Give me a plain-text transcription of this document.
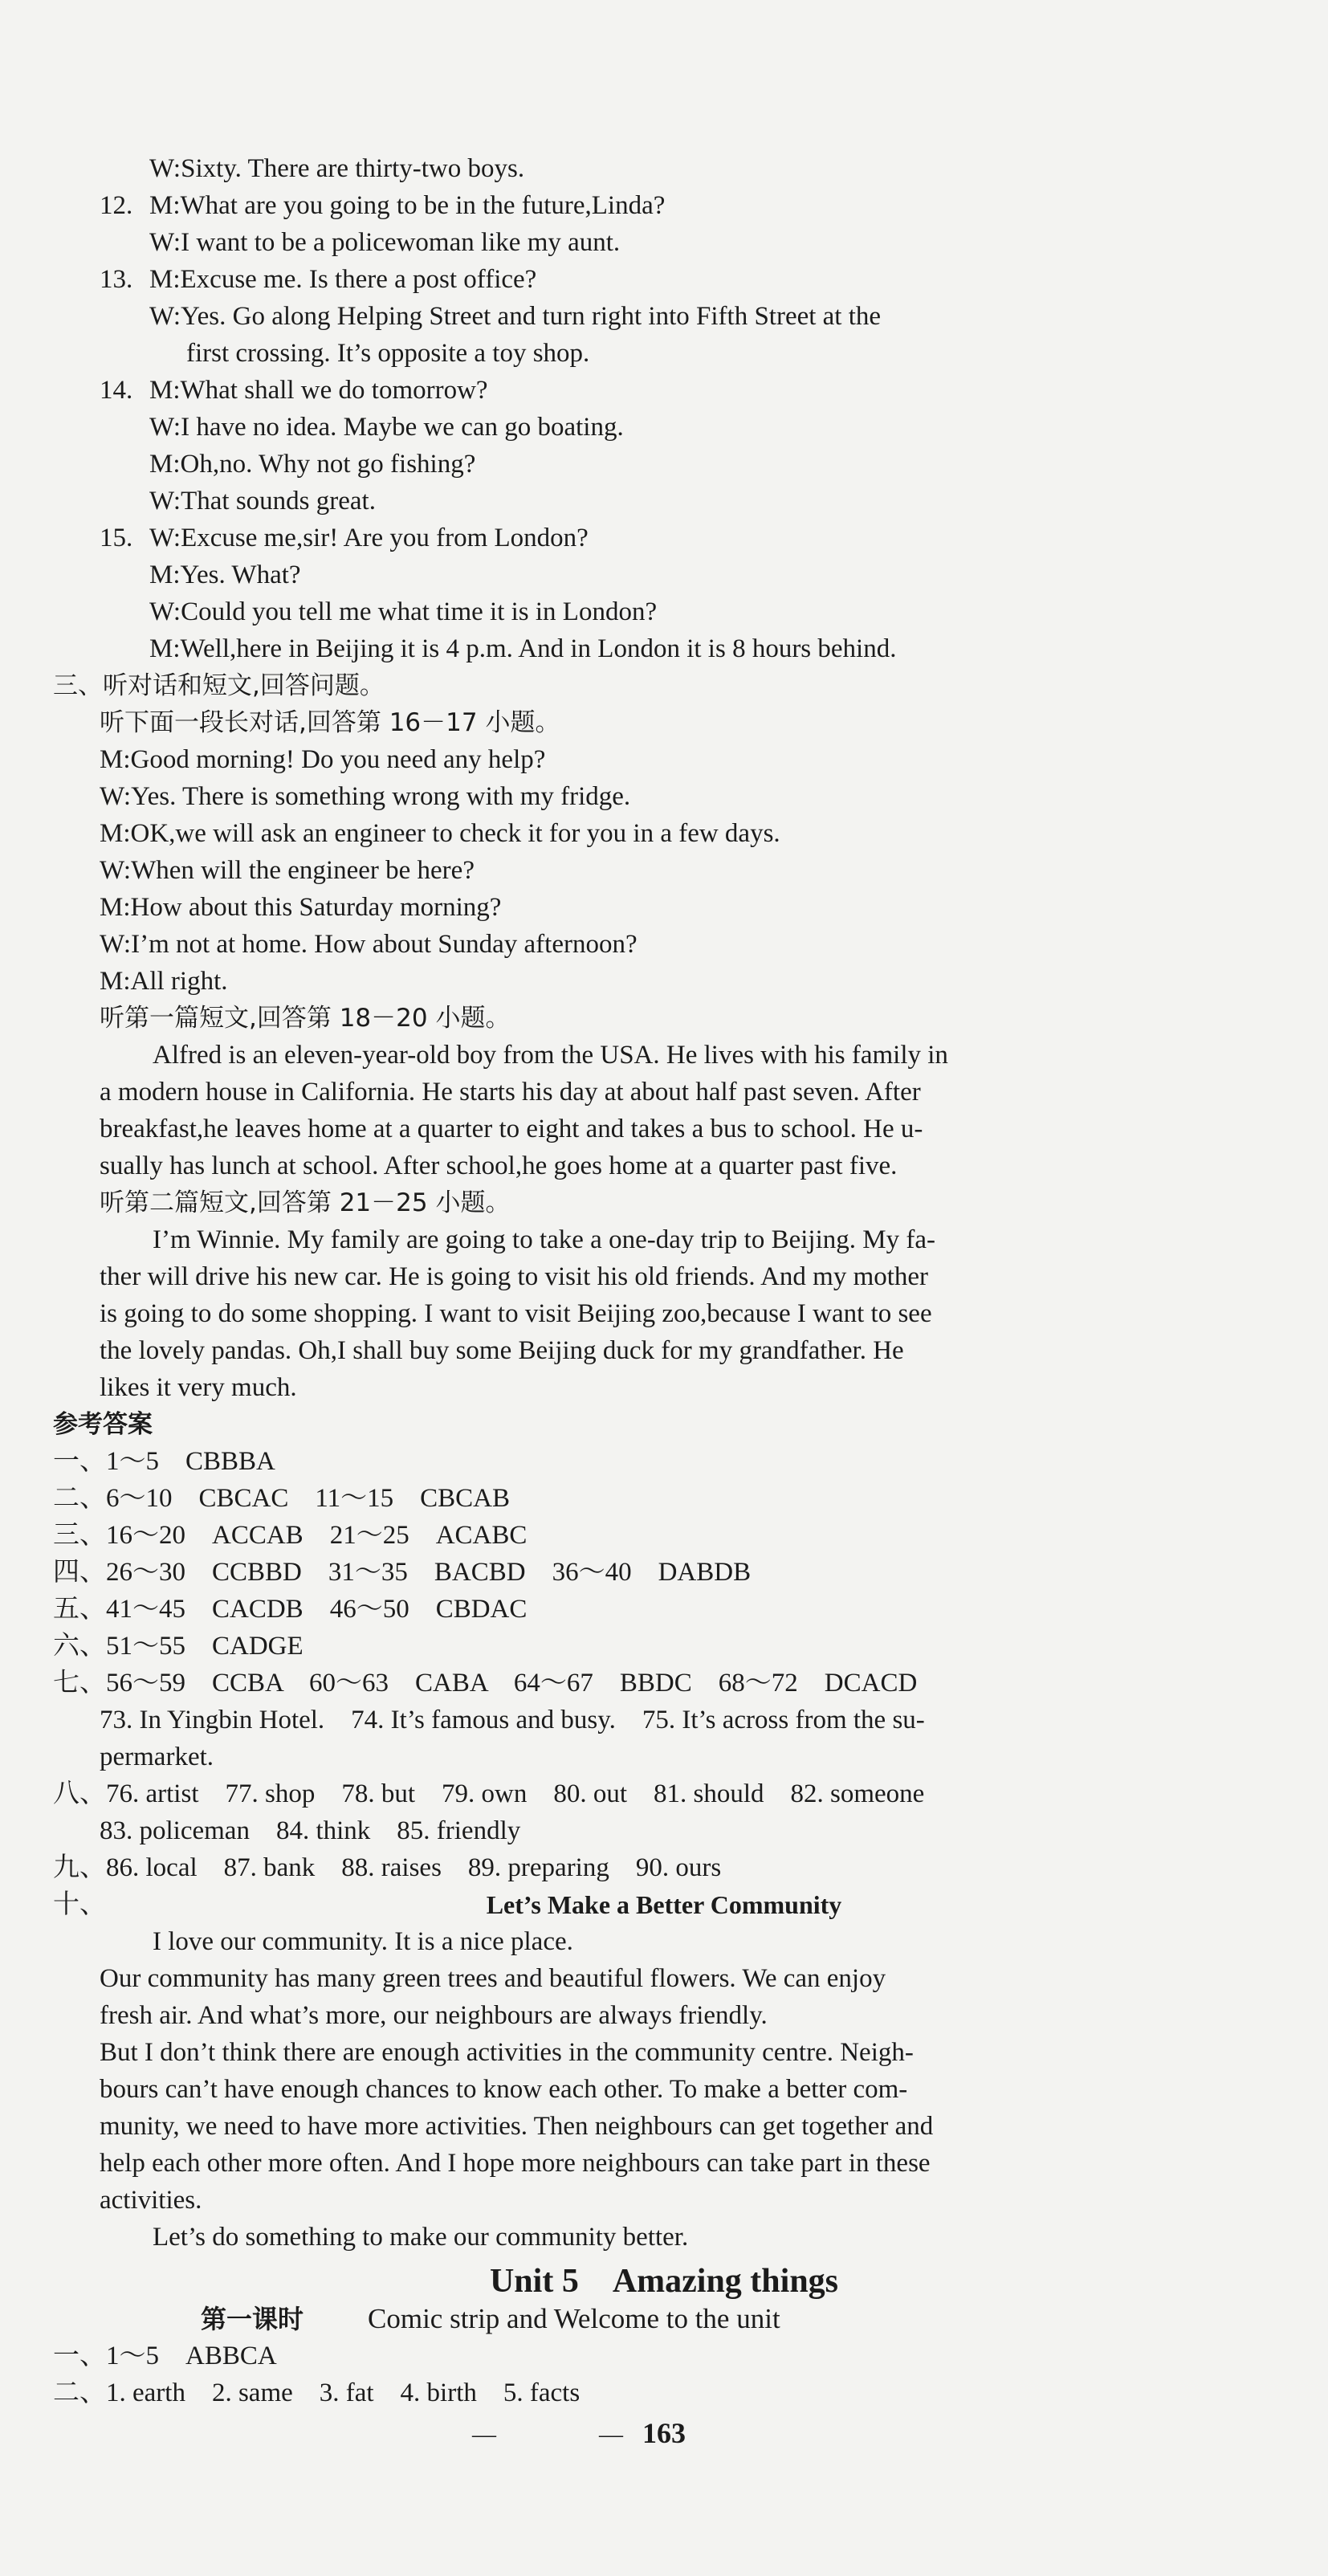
W:Sixty. There are thirty-two boys.
12. M:What are you going to be in the future,Linda?
W:I want to be a policewoman like my aunt.
13. M:Excuse me. Is there a post office?
W:Yes. Go along Helping Street and turn right into Fifth Street at the
first crossing. It’s opposite a toy shop.
14. M:What shall we do tomorrow?
W:I have no idea. Maybe we can go boating.
M:Oh,no. Why not go fishing?
W:That sounds great.
15. W:Excuse me,sir! Are you from London?
M:Yes. What?
W:Could you tell me what time it is in London?
M:Well,here in Beijing it is 4 p.m. And in London it is 8 hours behind.
三、听对话和短文,回答问题。
听下面一段长对话,回答第 16－17 小题。
M:Good morning! Do you need any help?
W:Yes. There is something wrong with my fridge.
M:OK,we will ask an engineer to check it for you in a few days.
W:When will the engineer be here?
M:How about this Saturday morning?
W:I’m not at home. How about Sunday afternoon?
M:All right.
听第一篇短文,回答第 18－20 小题。
Alfred is an eleven-year-old boy from the USA. He lives with his family in
a modern house in California. He starts his day at about half past seven. After
breakfast,he leaves home at a quarter to eight and takes a bus to school. He u-
sually has lunch at school. After school,he goes home at a quarter past five.
听第二篇短文,回答第 21－25 小题。
I’m Winnie. My family are going to take a one-day trip to Beijing. My fa-
ther will drive his new car. He is going to visit his old friends. And my mother
is going to do some shopping. I want to visit Beijing zoo,because I want to see
the lovely pandas. Oh,I shall buy some Beijing duck for my grandfather. He
likes it very much.
参考答案
一、1～5　CBBBA
二、6～10　CBCAC　11～15　CBCAB
三、16～20　ACCAB　21～25　ACABC
四、26～30　CCBBD　31～35　BACBD　36～40　DABDB
五、41～45　CACDB　46～50　CBDAC
六、51～55　CADGE
七、56～59　CCBA　60～63　CABA　64～67　BBDC　68～72　DCACD
73. In Yingbin Hotel.　74. It’s famous and busy.　75. It’s across from the su-
permarket.
八、76. artist　77. shop　78. but　79. own　80. out　81. should　82. someone
83. policeman　84. think　85. friendly
九、86. local　87. bank　88. raises　89. preparing　90. ours
十、	Let’s Make a Better Community
I love our community. It is a nice place.
Our community has many green trees and beautiful flowers. We can enjoy
fresh air. And what’s more, our neighbours are always friendly.
But I don’t think there are enough activities in the community centre. Neigh-
bours can’t have enough chances to know each other. To make a better com-
munity, we need to have more activities. Then neighbours can get together and
help each other more often. And I hope more neighbours can take part in these
activities.
Let’s do something to make our community better.
Unit 5　Amazing things
第一课时 Comic strip and Welcome to the unit
一、1～5　ABBCA
二、1. earth　2. same　3. fat　4. birth　5. facts
—	163
—
